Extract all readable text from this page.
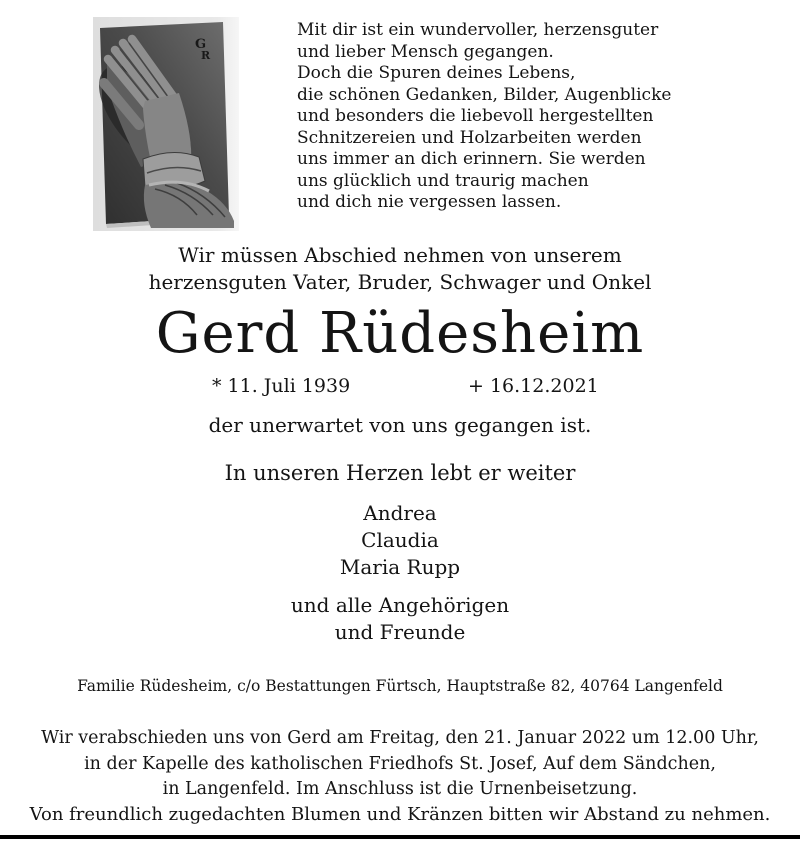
G
R
Mit dir ist ein wundervoller, herzensguter
und lieber Mensch gegangen.
Doch die Spuren deines Lebens,
die schönen Gedanken, Bilder, Augenblicke
und besonders die liebevoll hergestellten
Schnitzereien und Holzarbeiten werden
uns immer an dich erinnern. Sie werden
uns glücklich und traurig machen
und dich nie vergessen lassen.
Wir müssen Abschied nehmen von unserem
herzensguten Vater, Bruder, Schwager und Onkel
Gerd Rüdesheim
* 11. Juli 1939	+ 16.12.2021
der unerwartet von uns gegangen ist.
In unseren Herzen lebt er weiter
Andrea
Claudia
Maria Rupp
und alle Angehörigen
und Freunde
Familie Rüdesheim, c/o Bestattungen Fürtsch, Hauptstraße 82, 40764 Langenfeld
Wir verabschieden uns von Gerd am Freitag, den 21. Januar 2022 um 12.00 Uhr,
in der Kapelle des katholischen Friedhofs St. Josef, Auf dem Sändchen,
in Langenfeld. Im Anschluss ist die Urnenbeisetzung.
Von freundlich zugedachten Blumen und Kränzen bitten wir Abstand zu nehmen.
